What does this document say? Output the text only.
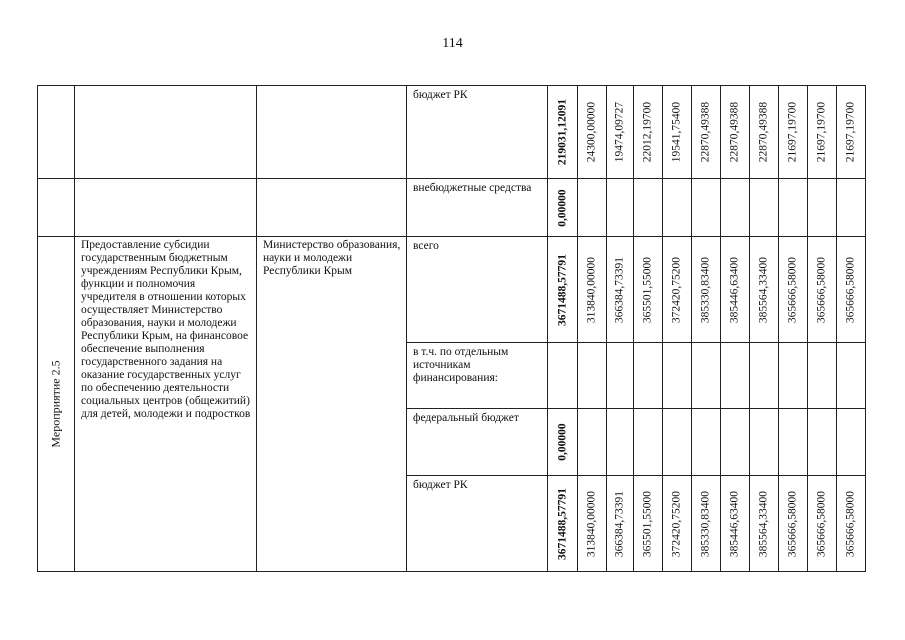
114

			бюджет РК	219031,12091	24300,00000	19474,09727	22012,19700	19541,75400	22870,49388	22870,49388	22870,49388	21697,19700	21697,19700	21697,19700

			внебюджетные средства	0,00000										

Мероприятие 2.5	Предоставление субсидии государственным бюджетным учреждениям Республики Крым, функции и полномочия учредителя в отношении которых осуществляет Министерство образования, науки и молодежи Республики Крым, на финансовое обеспечение выполнения государственного задания на оказание государственных услуг по обеспечению деятельности социальных центров (общежитий) для детей, молодежи и подростков	Министерство образования, науки и молодежи Республики Крым	всего	3671488,57791	313840,00000	366384,73391	365501,55000	372420,75200	385330,83400	385446,63400	385564,33400	365666,58000	365666,58000	365666,58000

			в т.ч. по отдельным источникам финансирования:											

			федеральный бюджет	0,00000										

			бюджет РК	3671488,57791	313840,00000	366384,73391	365501,55000	372420,75200	385330,83400	385446,63400	385564,33400	365666,58000	365666,58000	365666,58000
